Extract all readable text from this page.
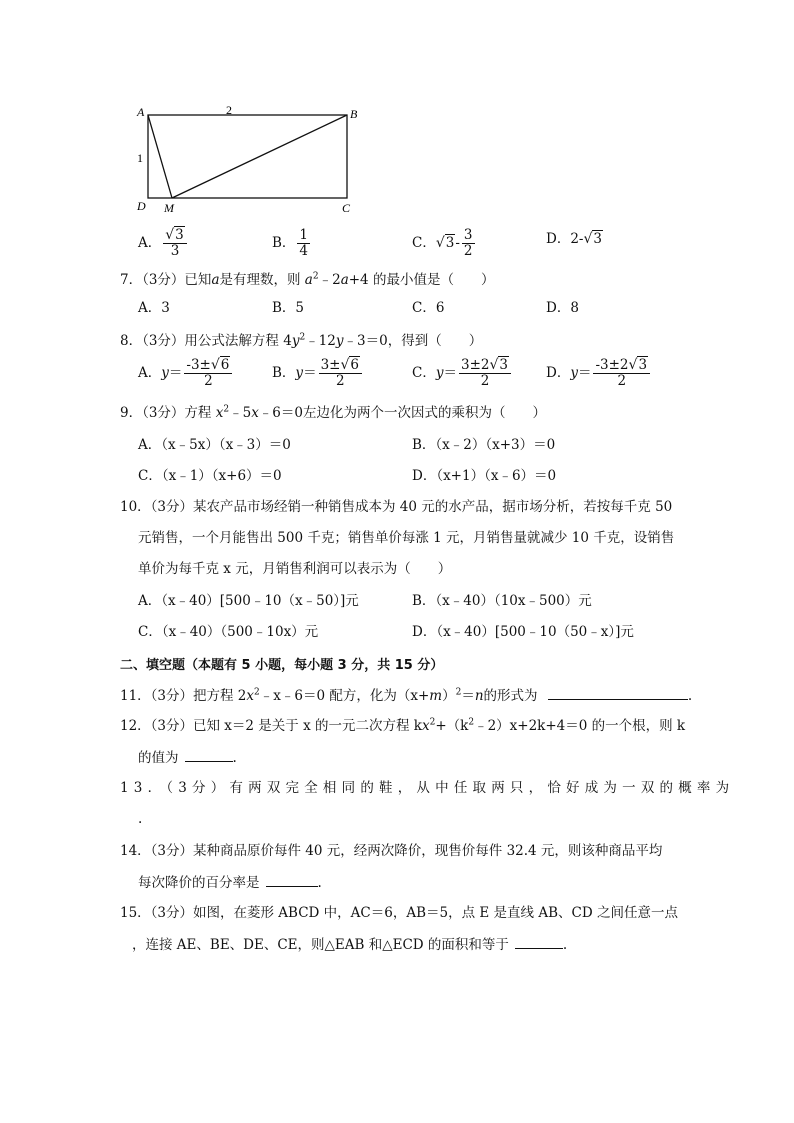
A	B
C
D M
2
1
A． $\frac{√3}{3}$	B． $\frac{1}{4}$	C．$√3- \frac{3}{2}$	D．2-√3
7．（3分）已知a是有理数，则 $a^2﹣2a+4$ 的最小值是（　　）
A．3	B．5	C．6	D．8
8．（3分）用公式法解方程 $4y^2﹣12y﹣3=0$，得到（　　）
A．$y= \frac{-3\pm√6}{2}$	B．$y= \frac{3\pm√6}{2}$	C．$y= \frac{3\pm 2√3}{2}$	D．$y= \frac{-3\pm 2√3}{2}$
9．（3分）方程 $x^2﹣5x﹣6=0$左边化为两个一次因式的乘积为（　　）
A．（x﹣5x）（x﹣3）＝0	B．（x﹣2）（x+3）＝0
C．（x﹣1）（x+6）＝0	D．（x+1）（x﹣6）＝0
10．（3分）某农产品市场经销一种销售成本为 40 元的水产品，据市场分析，若按每千克 50
元销售，一个月能售出 500 千克；销售单价每涨 1 元，月销售量就减少 10 千克，设销售
单价为每千克 x 元，月销售利润可以表示为（　　）
A．（x﹣40）[500﹣10（x﹣50）]元	B．（x﹣40）（10x﹣500）元
C．（x﹣40）（500﹣10x）元	D．（x﹣40）[500﹣10（50﹣x）]元
二、填空题（本题有 5 小题，每小题 3 分，共 15 分）
11．（3分）把方程 $2x^2﹣x﹣6=0$ 配方，化为$(x+m)^2=n$的形式为	.
12．（3分）已知 x＝2 是关于 x 的一元二次方程 $kx^2+(k^2﹣2)x+2k+4=0$ 的一个根，则 k
的值为	.
13．（3分）有两双完全相同的鞋，从中任取两只，恰好成为一双的概率为
.
14．（3分）某种商品原价每件 40 元，经两次降价，现售价每件 32.4 元，则该种商品平均
每次降价的百分率是	.
15．（3分）如图，在菱形 ABCD 中，AC＝6，AB＝5，点 E 是直线 AB、CD 之间任意一点
，连接 AE、BE、DE、CE，则△EAB 和△ECD 的面积和等于	.
